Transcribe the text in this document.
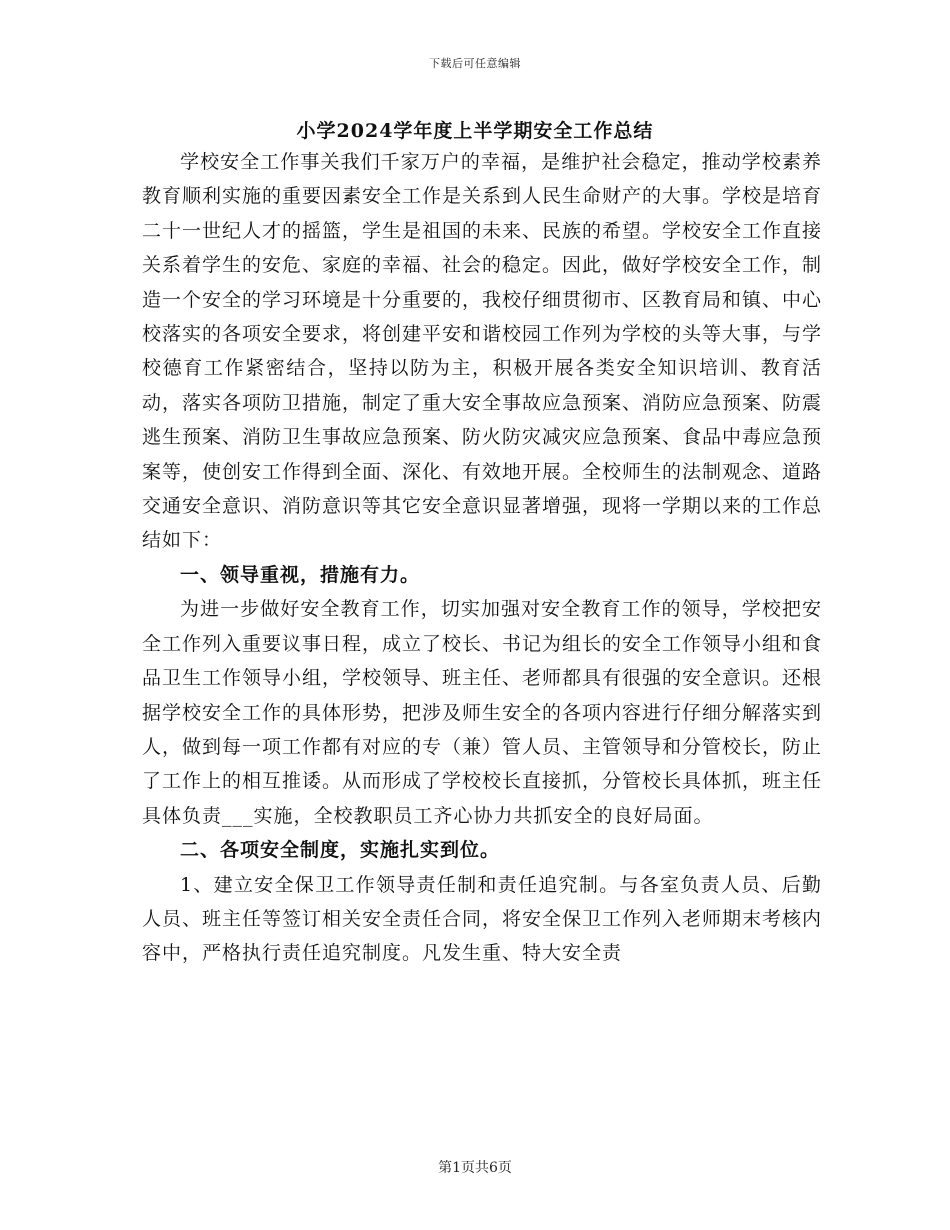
下载后可任意编辑
小学2024学年度上半学期安全工作总结

学校安全工作事关我们千家万户的幸福，是维护社会稳定，推动学校素养教育顺利实施的重要因素安全工作是关系到人民生命财产的大事。学校是培育二十一世纪人才的摇篮，学生是祖国的未来、民族的希望。学校安全工作直接关系着学生的安危、家庭的幸福、社会的稳定。因此，做好学校安全工作，制造一个安全的学习环境是十分重要的，我校仔细贯彻市、区教育局和镇、中心校落实的各项安全要求，将创建平安和谐校园工作列为学校的头等大事，与学校德育工作紧密结合，坚持以防为主，积极开展各类安全知识培训、教育活动，落实各项防卫措施，制定了重大安全事故应急预案、消防应急预案、防震逃生预案、消防卫生事故应急预案、防火防灾减灾应急预案、食品中毒应急预案等，使创安工作得到全面、深化、有效地开展。全校师生的法制观念、道路交通安全意识、消防意识等其它安全意识显著增强，现将一学期以来的工作总结如下：

一、领导重视，措施有力。

为进一步做好安全教育工作，切实加强对安全教育工作的领导，学校把安全工作列入重要议事日程，成立了校长、书记为组长的安全工作领导小组和食品卫生工作领导小组，学校领导、班主任、老师都具有很强的安全意识。还根据学校安全工作的具体形势，把涉及师生安全的各项内容进行仔细分解落实到人，做到每一项工作都有对应的专（兼）管人员、主管领导和分管校长，防止了工作上的相互推诿。从而形成了学校校长直接抓，分管校长具体抓，班主任具体负责___实施，全校教职员工齐心协力共抓安全的良好局面。

二、各项安全制度，实施扎实到位。

1、建立安全保卫工作领导责任制和责任追究制。与各室负责人员、后勤人员、班主任等签订相关安全责任合同，将安全保卫工作列入老师期末考核内容中，严格执行责任追究制度。凡发生重、特大安全责

第1页共6页
